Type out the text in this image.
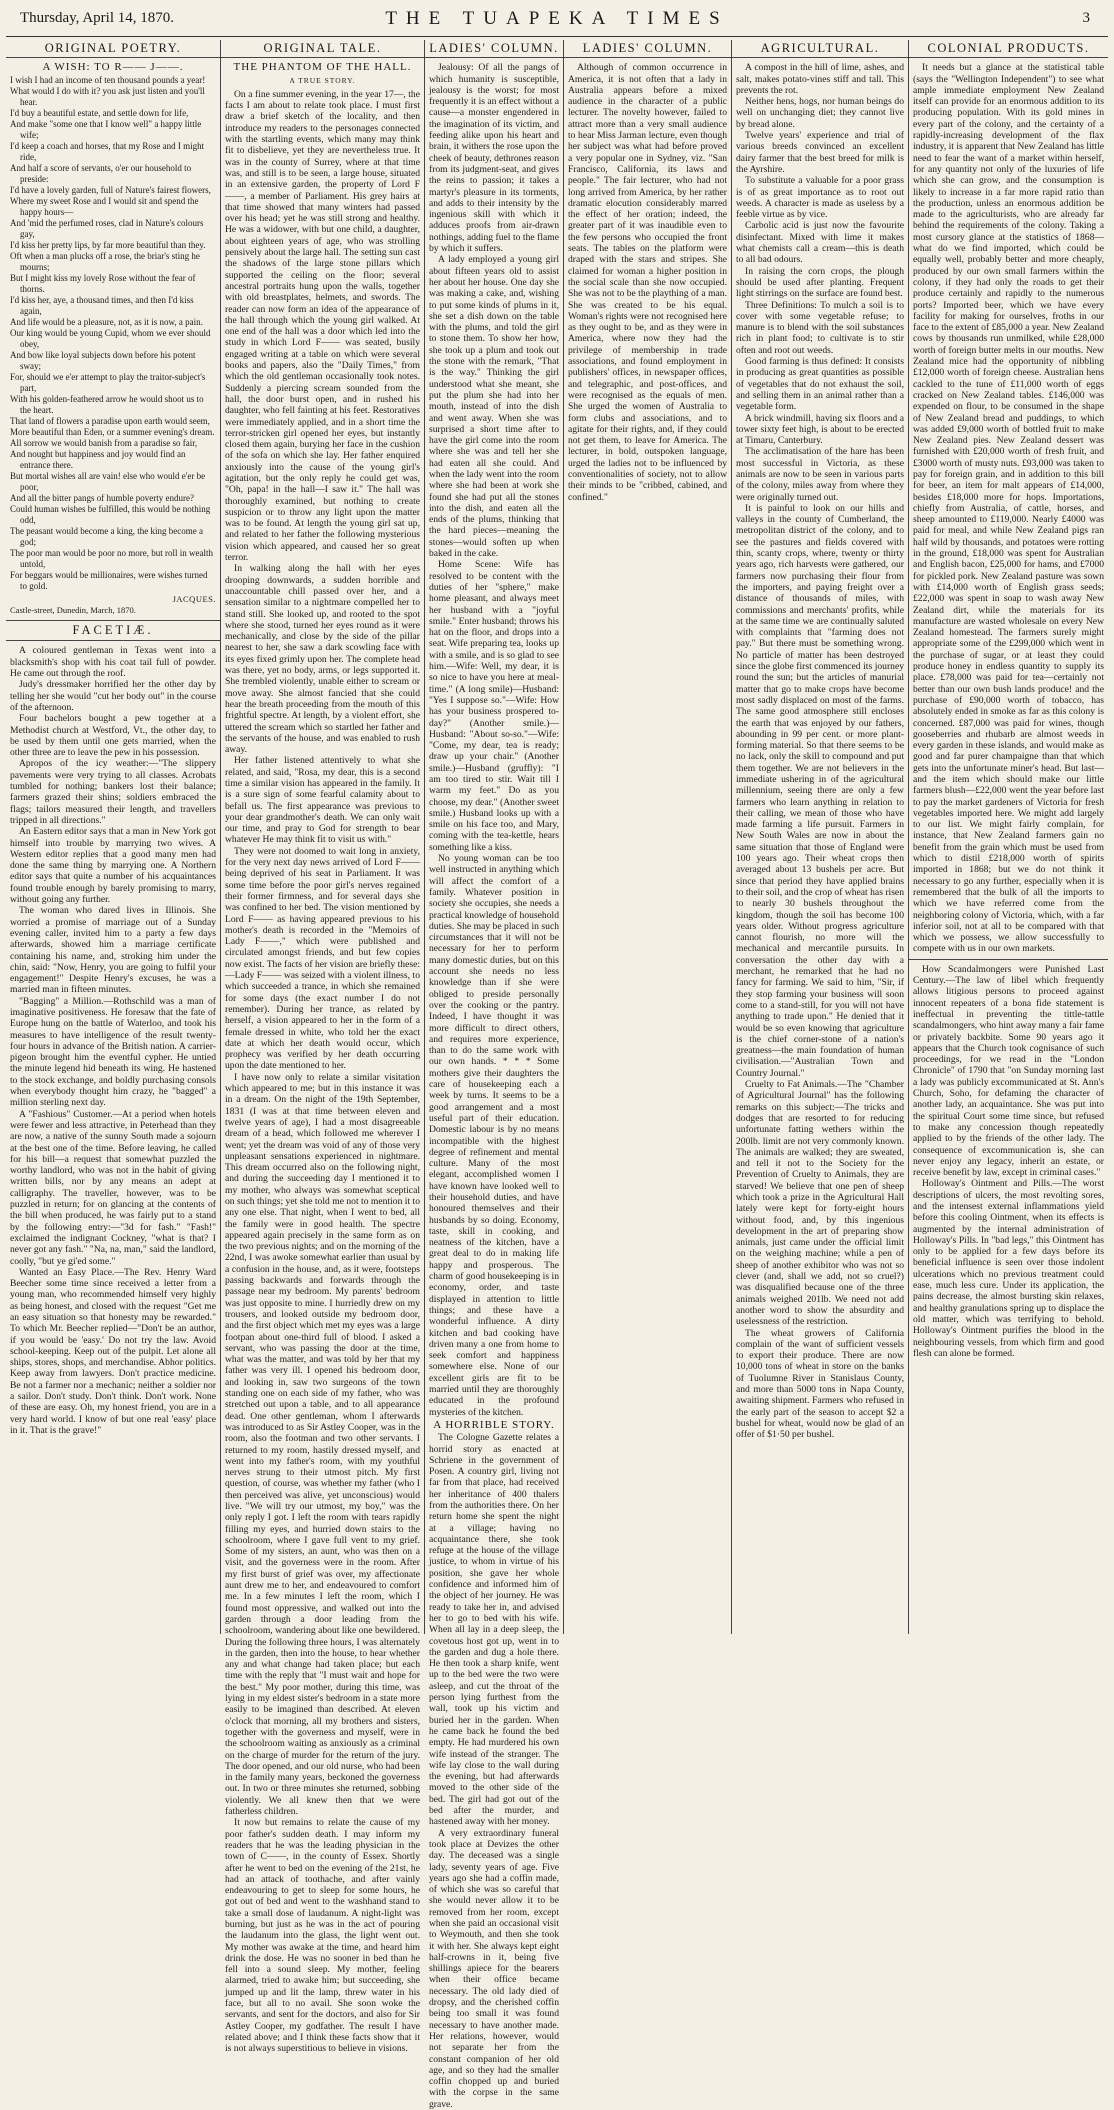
Thursday, April 14, 1870.	THE TUAPEKA TIMES	3
ORIGINAL POETRY.
A WISH: TO R—— J——.

I wish I had an income of ten thousand pounds a year!

What would I do with it? you ask just listen and you'll hear.

I'd buy a beautiful estate, and settle down for life,

And make "some one that I know well" a happy little wife;

I'd keep a coach and horses, that my Rose and I might ride,

And half a score of servants, o'er our household to preside:

I'd have a lovely garden, full of Nature's fairest flowers,

Where my sweet Rose and I would sit and spend the happy hours—

And 'mid the perfumed roses, clad in Nature's colours gay,

I'd kiss her pretty lips, by far more beautiful than they.

Oft when a man plucks off a rose, the briar's sting he mourns;

But I might kiss my lovely Rose without the fear of thorns.

I'd kiss her, aye, a thousand times, and then I'd kiss again,

And life would be a pleasure, not, as it is now, a pain.

Our king would be young Cupid, whom we ever should obey,

And bow like loyal subjects down before his potent sway;

For, should we e'er attempt to play the traitor-subject's part,

With his golden-feathered arrow he would shoot us to the heart.

That land of flowers a paradise upon earth would seem,

More beautiful than Eden, or a summer evening's dream.

All sorrow we would banish from a paradise so fair,

And nought but happiness and joy would find an entrance there.

But mortal wishes all are vain! else who would e'er be poor,

And all the bitter pangs of humble poverty endure?

Could human wishes be fulfilled, this would be nothing odd,

The peasant would become a king, the king become a god;

The poor man would be poor no more, but roll in wealth untold,

For beggars would be millionaires, were wishes turned to gold.

JACQUES.
Castle-street, Dunedin, March, 1870.
FACETIÆ.

A coloured gentleman in Texas went into a blacksmith's shop with his coat tail full of powder. He came out through the roof.

Judy's dressmaker horrified her the other day by telling her she would "cut her body out" in the course of the afternoon.

Four bachelors bought a pew together at a Methodist church at Westford, Vt., the other day, to be used by them until one gets married, when the other three are to leave the pew in his possession.

Apropos of the icy weather:—"The slippery pavements were very trying to all classes. Acrobats tumbled for nothing; bankers lost their balance; farmers grazed their shins; soldiers embraced the flags; tailors measured their length, and travellers tripped in all directions."

An Eastern editor says that a man in New York got himself into trouble by marrying two wives. A Western editor replies that a good many men had done the same thing by marrying one. A Northern editor says that quite a number of his acquaintances found trouble enough by barely promising to marry, without going any further.

The woman who dared lives in Illinois. She worried a promise of marriage out of a Sunday evening caller, invited him to a party a few days afterwards, showed him a marriage certificate containing his name, and, stroking him under the chin, said: "Now, Henry, you are going to fulfil your engagement!" Despite Henry's excuses, he was a married man in fifteen minutes.

"Bagging" a Million.—Rothschild was a man of imaginative positiveness. He foresaw that the fate of Europe hung on the battle of Waterloo, and took his measures to have intelligence of the result twenty-four hours in advance of the British nation. A carrier-pigeon brought him the eventful cypher. He untied the minute legend hid beneath its wing. He hastened to the stock exchange, and boldly purchasing consols when everybody thought him crazy, he "bagged" a million sterling next day.

A "Fashious" Customer.—At a period when hotels were fewer and less attractive, in Peterhead than they are now, a native of the sunny South made a sojourn at the best one of the time. Before leaving, he called for his bill—a request that somewhat puzzled the worthy landlord, who was not in the habit of giving written bills, nor by any means an adept at calligraphy. The traveller, however, was to be puzzled in return; for on glancing at the contents of the bill when produced, he was fairly put to a stand by the following entry:—"3d for fash." "Fash!" exclaimed the indignant Cockney, "what is that? I never got any fash." "Na, na, man," said the landlord, coolly, "but ye gi'ed some."

Wanted an Easy Place.—The Rev. Henry Ward Beecher some time since received a letter from a young man, who recommended himself very highly as being honest, and closed with the request "Get me an easy situation so that honesty may be rewarded." To which Mr. Beecher replied—"Don't be an author, if you would be 'easy.' Do not try the law. Avoid school-keeping. Keep out of the pulpit. Let alone all ships, stores, shops, and merchandise. Abhor politics. Keep away from lawyers. Don't practice medicine. Be not a farmer nor a mechanic; neither a soldier nor a sailor. Don't study. Don't think. Don't work. None of these are easy. Oh, my honest friend, you are in a very hard world. I know of but one real 'easy' place in it. That is the grave!"

ORIGINAL TALE.
THE PHANTOM OF THE HALL.
A TRUE STORY.

On a fine summer evening, in the year 17—, the facts I am about to relate took place. I must first draw a brief sketch of the locality, and then introduce my readers to the personages connected with the startling events, which many may think fit to disbelieve, yet they are nevertheless true. It was in the county of Surrey, where at that time was, and still is to be seen, a large house, situated in an extensive garden, the property of Lord F——, a member of Parliament. His grey hairs at that time showed that many winters had passed over his head; yet he was still strong and healthy. He was a widower, with but one child, a daughter, about eighteen years of age, who was strolling pensively about the large hall. The setting sun cast the shadows of the large stone pillars which supported the ceiling on the floor; several ancestral portraits hung upon the walls, together with old breastplates, helmets, and swords. The reader can now form an idea of the appearance of the hall through which the young girl walked. At one end of the hall was a door which led into the study in which Lord F—— was seated, busily engaged writing at a table on which were several books and papers, also the "Daily Times," from which the old gentleman occasionally took notes. Suddenly a piercing scream sounded from the hall, the door burst open, and in rushed his daughter, who fell fainting at his feet. Restoratives were immediately applied, and in a short time the terror-stricken girl opened her eyes, but instantly closed them again, burying her face in the cushion of the sofa on which she lay. Her father enquired anxiously into the cause of the young girl's agitation, but the only reply he could get was, "Oh, papa! in the hall—I saw it." The hall was thoroughly examined, but nothing to create suspicion or to throw any light upon the matter was to be found. At length the young girl sat up, and related to her father the following mysterious vision which appeared, and caused her so great terror.

In walking along the hall with her eyes drooping downwards, a sudden horrible and unaccountable chill passed over her, and a sensation similar to a nightmare compelled her to stand still. She looked up, and rooted to the spot where she stood, turned her eyes round as it were mechanically, and close by the side of the pillar nearest to her, she saw a dark scowling face with its eyes fixed grimly upon her. The complete head was there, yet no body, arms, or legs supported it. She trembled violently, unable either to scream or move away. She almost fancied that she could hear the breath proceeding from the mouth of this frightful spectre. At length, by a violent effort, she uttered the scream which so startled her father and the servants of the house, and was enabled to rush away.

Her father listened attentively to what she related, and said, "Rosa, my dear, this is a second time a similar vision has appeared in the family. It is a sure sign of some fearful calamity about to befall us. The first appearance was previous to your dear grandmother's death. We can only wait our time, and pray to God for strength to bear whatever He may think fit to visit us with."

They were not doomed to wait long in anxiety, for the very next day news arrived of Lord F—— being deprived of his seat in Parliament. It was some time before the poor girl's nerves regained their former firmness, and for several days she was confined to her bed. The vision mentioned by Lord F—— as having appeared previous to his mother's death is recorded in the "Memoirs of Lady F——," which were published and circulated amongst friends, and but few copies now exist. The facts of her vision are briefly these:—Lady F—— was seized with a violent illness, to which succeeded a trance, in which she remained for some days (the exact number I do not remember). During her trance, as related by herself, a vision appeared to her in the form of a female dressed in white, who told her the exact date at which her death would occur, which prophecy was verified by her death occurring upon the date mentioned to her.

I have now only to relate a similar visitation which appeared to me; but in this instance it was in a dream. On the night of the 19th September, 1831 (I was at that time between eleven and twelve years of age), I had a most disagreeable dream of a head, which followed me wherever I went; yet the dream was void of any of those very unpleasant sensations experienced in nightmare. This dream occurred also on the following night, and during the succeeding day I mentioned it to my mother, who always was somewhat sceptical on such things; yet she told me not to mention it to any one else. That night, when I went to bed, all the family were in good health. The spectre appeared again precisely in the same form as on the two previous nights; and on the morning of the 22nd, I was awoke somewhat earlier than usual by a confusion in the house, and, as it were, footsteps passing backwards and forwards through the passage near my bedroom. My parents' bedroom was just opposite to mine. I hurriedly drew on my trousers, and looked outside my bedroom door, and the first object which met my eyes was a large footpan about one-third full of blood. I asked a servant, who was passing the door at the time, what was the matter, and was told by her that my father was very ill. I opened his bedroom door, and looking in, saw two surgeons of the town standing one on each side of my father, who was stretched out upon a table, and to all appearance dead. One other gentleman, whom I afterwards was introduced to as Sir Astley Cooper, was in the room, also the footman and two other servants. I returned to my room, hastily dressed myself, and went into my father's room, with my youthful nerves strung to their utmost pitch. My first question, of course, was whether my father (who I then perceived was alive, yet unconscious) would live. "We will try our utmost, my boy," was the only reply I got. I left the room with tears rapidly filling my eyes, and hurried down stairs to the schoolroom, where I gave full vent to my grief. Some of my sisters, an aunt, who was then on a visit, and the governess were in the room. After my first burst of grief was over, my affectionate aunt drew me to her, and endeavoured to comfort me. In a few minutes I left the room, which I found most oppressive, and walked out into the garden through a door leading from the schoolroom, wandering about like one bewildered. During the following three hours, I was alternately in the garden, then into the house, to hear whether any and what change had taken place; but each time with the reply that "I must wait and hope for the best." My poor mother, during this time, was lying in my eldest sister's bedroom in a state more easily to be imagined than described. At eleven o'clock that morning, all my brothers and sisters, together with the governess and myself, were in the schoolroom waiting as anxiously as a criminal on the charge of murder for the return of the jury. The door opened, and our old nurse, who had been in the family many years, beckoned the governess out. In two or three minutes she returned, sobbing violently. We all knew then that we were fatherless children.

It now but remains to relate the cause of my poor father's sudden death. I may inform my readers that he was the leading physician in the town of C——, in the county of Essex. Shortly after he went to bed on the evening of the 21st, he had an attack of toothache, and after vainly endeavouring to get to sleep for some hours, he got out of bed and went to the washhand stand to take a small dose of laudanum. A night-light was burning, but just as he was in the act of pouring the laudanum into the glass, the light went out. My mother was awake at the time, and heard him drink the dose. He was no sooner in bed than he fell into a sound sleep. My mother, feeling alarmed, tried to awake him; but succeeding, she jumped up and lit the lamp, threw water in his face, but all to no avail. She soon woke the servants, and sent for the doctors, and also for Sir Astley Cooper, my godfather. The result I have related above; and I think these facts show that it is not always superstitious to believe in visions.

LADIES' COLUMN.

Jealousy: Of all the pangs of which humanity is susceptible, jealousy is the worst; for most frequently it is an effect without a cause—a monster engendered in the imagination of its victim, and feeding alike upon his heart and brain, it withers the rose upon the cheek of beauty, dethrones reason from its judgment-seat, and gives the reins to passion; it takes a martyr's pleasure in its torments, and adds to their intensity by the ingenious skill with which it adduces proofs from air-drawn nothings, adding fuel to the flame by which it suffers.

A lady employed a young girl about fifteen years old to assist her about her house. One day she was making a cake, and, wishing to put some kinds of plums in it, she set a dish down on the table with the plums, and told the girl to stone them. To show her how, she took up a plum and took out the stone with the remark, "That is the way." Thinking the girl understood what she meant, she put the plum she had into her mouth, instead of into the dish and went away. When she was surprised a short time after to have the girl come into the room where she was and tell her she had eaten all she could. And when the lady went into the room where she had been at work she found she had put all the stones into the dish, and eaten all the ends of the plums, thinking that the hard pieces—meaning the stones—would soften up when baked in the cake.

Home Scene: Wife has resolved to be content with the duties of her "sphere," make home pleasant, and always meet her husband with a "joyful smile." Enter husband; throws his hat on the floor, and drops into a seat. Wife preparing tea, looks up with a smile, and is so glad to see him.—Wife: Well, my dear, it is so nice to have you here at meal-time." (A long smile)—Husband: "Yes I suppose so."—Wife: How has your business prospered to-day?" (Another smile.)—Husband: "About so-so."—Wife: "Come, my dear, tea is ready; draw up your chair." (Another smile.)—Husband (gruffly): "I am too tired to stir. Wait till I warm my feet." Do as you choose, my dear." (Another sweet smile.) Husband looks up with a smile on his face too, and Mary, coming with the tea-kettle, hears something like a kiss.

No young woman can be too well instructed in anything which will affect the comfort of a family. Whatever position in society she occupies, she needs a practical knowledge of household duties. She may be placed in such circumstances that it will not be necessary for her to perform many domestic duties, but on this account she needs no less knowledge than if she were obliged to preside personally over the cooking or the pantry. Indeed, I have thought it was more difficult to direct others, and requires more experience, than to do the same work with our own hands. * * * Some mothers give their daughters the care of housekeeping each a week by turns. It seems to be a good arrangement and a most useful part of their education. Domestic labour is by no means incompatible with the highest degree of refinement and mental culture. Many of the most elegant, accomplished women I have known have looked well to their household duties, and have honoured themselves and their husbands by so doing. Economy, taste, skill in cooking, and neatness of the kitchen, have a great deal to do in making life happy and prosperous. The charm of good housekeeping is in economy, order, and taste displayed in attention to little things; and these have a wonderful influence. A dirty kitchen and bad cooking have driven many a one from home to seek comfort and happiness somewhere else. None of our excellent girls are fit to be married until they are thoroughly educated in the profound mysteries of the kitchen.

A HORRIBLE STORY.

The Cologne Gazette relates a horrid story as enacted at Schriene in the government of Posen. A country girl, living not far from that place, had received her inheritance of 400 thalers from the authorities there. On her return home she spent the night at a village; having no acquaintance there, she took refuge at the house of the village justice, to whom in virtue of his position, she gave her whole confidence and informed him of the object of her journey. He was ready to take her in, and advised her to go to bed with his wife. When all lay in a deep sleep, the covetous host got up, went in to the garden and dug a hole there. He then took a sharp knife, went up to the bed were the two were asleep, and cut the throat of the person lying furthest from the wall, took up his victim and buried her in the garden. When he came back he found the bed empty. He had murdered his own wife instead of the stranger. The wife lay close to the wall during the evening, but had afterwards moved to the other side of the bed. The girl had got out of the bed after the murder, and hastened away with her money.

A very extraordinary funeral took place at Devizes the other day. The deceased was a single lady, seventy years of age. Five years ago she had a coffin made, of which she was so careful that she would never allow it to be removed from her room, except when she paid an occasional visit to Weymouth, and then she took it with her. She always kept eight half-crowns in it, being five shillings apiece for the bearers when their office became necessary. The old lady died of dropsy, and the cherished coffin being too small it was found necessary to have another made. Her relations, however, would not separate her from the constant companion of her old age, and so they had the smaller coffin chopped up and buried with the corpse in the same grave.

LADIES' COLUMN.

Although of common occurrence in America, it is not often that a lady in Australia appears before a mixed audience in the character of a public lecturer. The novelty however, failed to attract more than a very small audience to hear Miss Jarman lecture, even though her subject was what had before proved a very popular one in Sydney, viz. "San Francisco, California, its laws and people." The fair lecturer, who had not long arrived from America, by her rather dramatic elocution considerably marred the effect of her oration; indeed, the greater part of it was inaudible even to the few persons who occupied the front seats. The tables on the platform were draped with the stars and stripes. She claimed for woman a higher position in the social scale than she now occupied. She was not to be the plaything of a man. She was created to be his equal. Woman's rights were not recognised here as they ought to be, and as they were in America, where now they had the privilege of membership in trade associations, and found employment in publishers' offices, in newspaper offices, and telegraphic, and post-offices, and were recognised as the equals of men. She urged the women of Australia to form clubs and associations, and to agitate for their rights, and, if they could not get them, to leave for America. The lecturer, in bold, outspoken language, urged the ladies not to be influenced by conventionalities of society, not to allow their minds to be "cribbed, cabined, and confined."

AGRICULTURAL.

A compost in the hill of lime, ashes, and salt, makes potato-vines stiff and tall. This prevents the rot.

Neither hens, hogs, nor human beings do well on unchanging diet; they cannot live by bread alone.

Twelve years' experience and trial of various breeds convinced an excellent dairy farmer that the best breed for milk is the Ayrshire.

To substitute a valuable for a poor grass is of as great importance as to root out weeds. A character is made as useless by a feeble virtue as by vice.

Carbolic acid is just now the favourite disinfectant. Mixed with lime it makes what chemists call a cream—this is death to all bad odours.

In raising the corn crops, the plough should be used after planting. Frequent light stirrings on the surface are found best.

Three Definitions: To mulch a soil is to cover with some vegetable refuse; to manure is to blend with the soil substances rich in plant food; to cultivate is to stir often and root out weeds.

Good farming is thus defined: It consists in producing as great quantities as possible of vegetables that do not exhaust the soil, and selling them in an animal rather than a vegetable form.

A brick windmill, having six floors and a tower sixty feet high, is about to be erected at Timaru, Canterbury.

The acclimatisation of the hare has been most successful in Victoria, as these animals are now to be seen in various parts of the colony, miles away from where they were originally turned out.

It is painful to look on our hills and valleys in the county of Cumberland, the metropolitan district of the colony, and to see the pastures and fields covered with thin, scanty crops, where, twenty or thirty years ago, rich harvests were gathered, our farmers now purchasing their flour from the importers, and paying freight over a distance of thousands of miles, with commissions and merchants' profits, while at the same time we are continually saluted with complaints that "farming does not pay." But there must be something wrong. No particle of matter has been destroyed since the globe first commenced its journey round the sun; but the articles of manurial matter that go to make crops have become most sadly displaced on most of the farms. The same good atmosphere still encloses the earth that was enjoyed by our fathers, abounding in 99 per cent. or more plant-forming material. So that there seems to be no lack, only the skill to compound and put them together. We are not believers in the immediate ushering in of the agricultural millennium, seeing there are only a few farmers who learn anything in relation to their calling, we mean of those who have made farming a life pursuit. Farmers in New South Wales are now in about the same situation that those of England were 100 years ago. Their wheat crops then averaged about 13 bushels per acre. But since that period they have applied brains to their soil, and the crop of wheat has risen to nearly 30 bushels throughout the kingdom, though the soil has become 100 years older. Without progress agriculture cannot flourish, no more will the mechanical and mercantile pursuits. In conversation the other day with a merchant, he remarked that he had no fancy for farming. We said to him, "Sir, if they stop farming your business will soon come to a stand-still, for you will not have anything to trade upon." He denied that it would be so even knowing that agriculture is the chief corner-stone of a nation's greatness—the main foundation of human civilisation.—"Australian Town and Country Journal."

Cruelty to Fat Animals.—The "Chamber of Agricultural Journal" has the following remarks on this subject:—The tricks and dodges that are resorted to for reducing unfortunate fatting wethers within the 200lb. limit are not very commonly known. The animals are walked; they are sweated, and tell it not to the Society for the Prevention of Cruelty to Animals, they are starved! We believe that one pen of sheep which took a prize in the Agricultural Hall lately were kept for forty-eight hours without food, and, by this ingenious development in the art of preparing show animals, just came under the official limit on the weighing machine; while a pen of sheep of another exhibitor who was not so clever (and, shall we add, not so cruel?) was disqualified because one of the three animals weighed 201lb. We need not add another word to show the absurdity and uselessness of the restriction.

The wheat growers of California complain of the want of sufficient vessels to export their produce. There are now 10,000 tons of wheat in store on the banks of Tuolumne River in Stanislaus County, and more than 5000 tons in Napa County, awaiting shipment. Farmers who refused in the early part of the season to accept $2 a bushel for wheat, would now be glad of an offer of $1·50 per bushel.

COLONIAL PRODUCTS.

It needs but a glance at the statistical table (says the "Wellington Independent") to see what ample immediate employment New Zealand itself can provide for an enormous addition to its producing population. With its gold mines in every part of the colony, and the certainty of a rapidly-increasing development of the flax industry, it is apparent that New Zealand has little need to fear the want of a market within herself, for any quantity not only of the luxuries of life which she can grow, and the consumption is likely to increase in a far more rapid ratio than the production, unless an enormous addition be made to the agriculturists, who are already far behind the requirements of the colony. Taking a most cursory glance at the statistics of 1868—what do we find imported, which could be equally well, probably better and more cheaply, produced by our own small farmers within the colony, if they had only the roads to get their produce certainly and rapidly to the numerous ports? Imported beer, which we have every facility for making for ourselves, froths in our face to the extent of £85,000 a year. New Zealand cows by thousands run unmilked, while £28,000 worth of foreign butter melts in our mouths. New Zealand mice had the opportunity of nibbling £12,000 worth of foreign cheese. Australian hens cackled to the tune of £11,000 worth of eggs cracked on New Zealand tables. £146,000 was expended on flour, to be consumed in the shape of New Zealand bread and puddings, to which was added £9,000 worth of bottled fruit to make New Zealand pies. New Zealand dessert was furnished with £20,000 worth of fresh fruit, and £3000 worth of musty nuts. £93,000 was taken to pay for foreign grain, and in addition to this bill for beer, an item for malt appears of £14,000, besides £18,000 more for hops. Importations, chiefly from Australia, of cattle, horses, and sheep amounted to £119,000. Nearly £4000 was paid for meal, and while New Zealand pigs ran half wild by thousands, and potatoes were rotting in the ground, £18,000 was spent for Australian and English bacon, £25,000 for hams, and £7000 for pickled pork. New Zealand pasture was sown with £14,000 worth of English grass seeds; £22,000 was spent in soap to wash away New Zealand dirt, while the materials for its manufacture are wasted wholesale on every New Zealand homestead. The farmers surely might appropriate some of the £299,000 which went in the purchase of sugar, or at least they could produce honey in endless quantity to supply its place. £78,000 was paid for tea—certainly not better than our own bush lands produce! and the purchase of £90,000 worth of tobacco, has absolutely ended in smoke as far as this colony is concerned. £87,000 was paid for wines, though gooseberries and rhubarb are almost weeds in every garden in these islands, and would make as good and far purer champaigne than that which gets into the unfortunate miner's head. But last—and the item which should make our little farmers blush—£22,000 went the year before last to pay the market gardeners of Victoria for fresh vegetables imported here. We might add largely to our list. We might fairly complain, for instance, that New Zealand farmers gain no benefit from the grain which must be used from which to distil £218,000 worth of spirits imported in 1868; but we do not think it necessary to go any further, especially when it is remembered that the bulk of all the imports to which we have referred come from the neighboring colony of Victoria, which, with a far inferior soil, not at all to be compared with that which we possess, we allow successfully to compete with us in our own markets.

How Scandalmongers were Punished Last Century.—The law of libel which frequently allows litigious persons to proceed against innocent repeaters of a bona fide statement is ineffectual in preventing the tittle-tattle scandalmongers, who hint away many a fair fame or privately backbite. Some 90 years ago it appears that the Church took cognisance of such proceedings, for we read in the "London Chronicle" of 1790 that "on Sunday morning last a lady was publicly excommunicated at St. Ann's Church, Soho, for defaming the character of another lady, an acquaintance. She was put into the spiritual Court some time since, but refused to make any concession though repeatedly applied to by the friends of the other lady. The consequence of excommunication is, she can never enjoy any legacy, inherit an estate, or receive benefit by law, except in criminal cases."

Holloway's Ointment and Pills.—The worst descriptions of ulcers, the most revolting sores, and the intensest external inflammations yield before this cooling Ointment, when its effects is augmented by the internal administration of Holloway's Pills. In "bad legs," this Ointment has only to be applied for a few days before its beneficial influence is seen over those indolent ulcerations which no previous treatment could ease, much less cure. Under its application, the pains decrease, the almost bursting skin relaxes, and healthy granulations spring up to displace the old matter, which was terrifying to behold. Holloway's Ointment purifies the blood in the neighbouring vessels, from which firm and good flesh can alone be formed.
